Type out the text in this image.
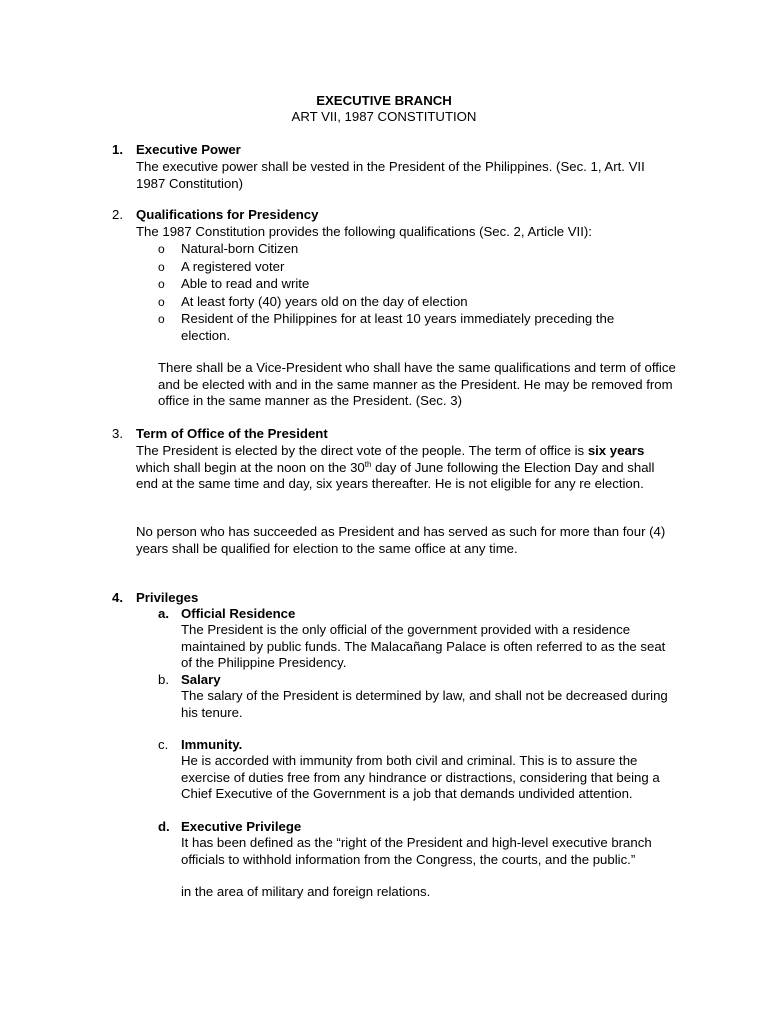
EXECUTIVE BRANCH
ART VII, 1987 CONSTITUTION
1. Executive Power

The executive power shall be vested in the President of the Philippines. (Sec. 1, Art. VII 1987 Constitution)

2. Qualifications for Presidency

The 1987 Constitution provides the following qualifications (Sec. 2, Article VII):

o Natural-born Citizen
o A registered voter
o Able to read and write
o At least forty (40) years old on the day of election
o Resident of the Philippines for at least 10 years immediately preceding the election.

There shall be a Vice-President who shall have the same qualifications and term of office and be elected with and in the same manner as the President. He may be removed from office in the same manner as the President. (Sec. 3)

3. Term of Office of the President

The President is elected by the direct vote of the people. The term of office is six years which shall begin at the noon on the 30th day of June following the Election Day and shall end at the same time and day, six years thereafter. He is not eligible for any re election.

No person who has succeeded as President and has served as such for more than four (4) years shall be qualified for election to the same office at any time.

4. Privileges
a. Official Residence

The President is the only official of the government provided with a residence maintained by public funds. The Malacañang Palace is often referred to as the seat of the Philippine Presidency.

b. Salary

The salary of the President is determined by law, and shall not be decreased during his tenure.

c. Immunity.

He is accorded with immunity from both civil and criminal. This is to assure the exercise of duties free from any hindrance or distractions, considering that being a Chief Executive of the Government is a job that demands undivided attention.

d. Executive Privilege

It has been defined as the “right of the President and high-level executive branch officials to withhold information from the Congress, the courts, and the public.”

in the area of military and foreign relations.
